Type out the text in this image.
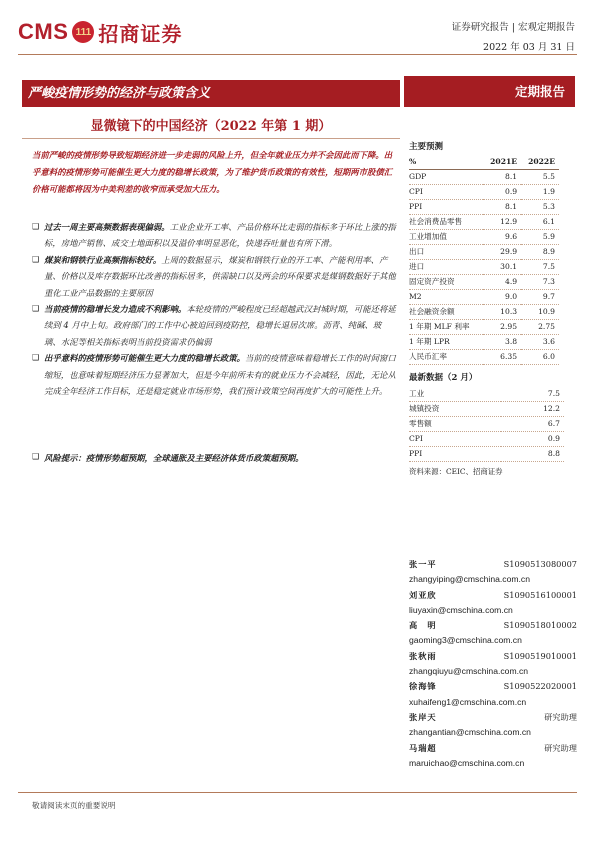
CMS 111 招商证券	证券研究报告 | 宏观定期报告
2022 年 03 月 31 日
严峻疫情形势的经济与政策含义	定期报告
显微镜下的中国经济（2022 年第 1 期）
当前严峻的疫情形势导致短期经济进一步走弱的风险上升，但全年就业压力并不会因此而下降。出乎意料的疫情形势可能催生更大力度的稳增长政策，为了维护货币政策的有效性，短期两市股债汇价格可能都将因为中美利差的收窄而承受加大压力。
❑ 过去一周主要高频数据表现偏弱。工业企业开工率、产品价格环比走弱的指标多于环比上涨的指标，房地产销售、成交土地面积以及溢价率明显恶化，快递吞吐量也有所下滑。
❑ 煤炭和钢铁行业高频指标较好。上周的数据显示，煤炭和钢铁行业的开工率、产能利用率、产量、价格以及库存数据环比改善的指标居多，供需缺口以及两会的环保要求是煤钢数据好于其他重化工业产品数据的主要原因
❑ 当前疫情的稳增长发力造成不利影响。本轮疫情的严峻程度已经超越武汉封城时期，可能还将延续到 4 月中上旬。政府部门的工作中心被迫回到疫防控，稳增长退居次席。沥青、纯碱、玻璃、水泥等相关指标表明当前投资需求仍偏弱
❑ 出乎意料的疫情形势可能催生更大力度的稳增长政策。当前的疫情意味着稳增长工作的时间窗口缩短，也意味着短期经济压力显著加大，但是今年前所未有的就业压力不会减轻，因此，无论从完成全年经济工作目标，还是稳定就业市场形势，我们预计政策空间再度扩大的可能性上升。
❑ 风险提示： 疫情形势超预期，全球通胀及主要经济体货币政策超预期。
主要预测
%	2021E	2022E
GDP	8.1	5.5
CPI	0.9	1.9
PPI	8.1	5.3
社会消费品零售	12.9	6.1
工业增加值	9.6	5.9
出口	29.9	8.9
进口	30.1	7.5
固定资产投资	4.9	7.3
M2	9.0	9.7
社会融资余额	10.3	10.9
1 年期 MLF 利率	2.95	2.75
1 年期 LPR	3.8	3.6
人民币汇率	6.35	6.0
最新数据（2 月）
工业	7.5
城镇投资	12.2
零售额	6.7
CPI	0.9
PPI	8.8
资料来源：CEIC、招商证券
张一平	S1090513080007
zhangyiping@cmschina.com.cn
刘亚欣	S1090516100001
liuyaxin@cmschina.com.cn
高　明	S1090518010002
gaoming3@cmschina.com.cn
张秋雨	S1090519010001
zhangqiuyu@cmschina.com.cn
徐海锋	S1090522020001
xuhaifeng1@cmschina.com.cn
张岸天	研究助理
zhangantian@cmschina.com.cn
马瑞超	研究助理
maruichao@cmschina.com.cn
敬请阅读末页的重要说明
